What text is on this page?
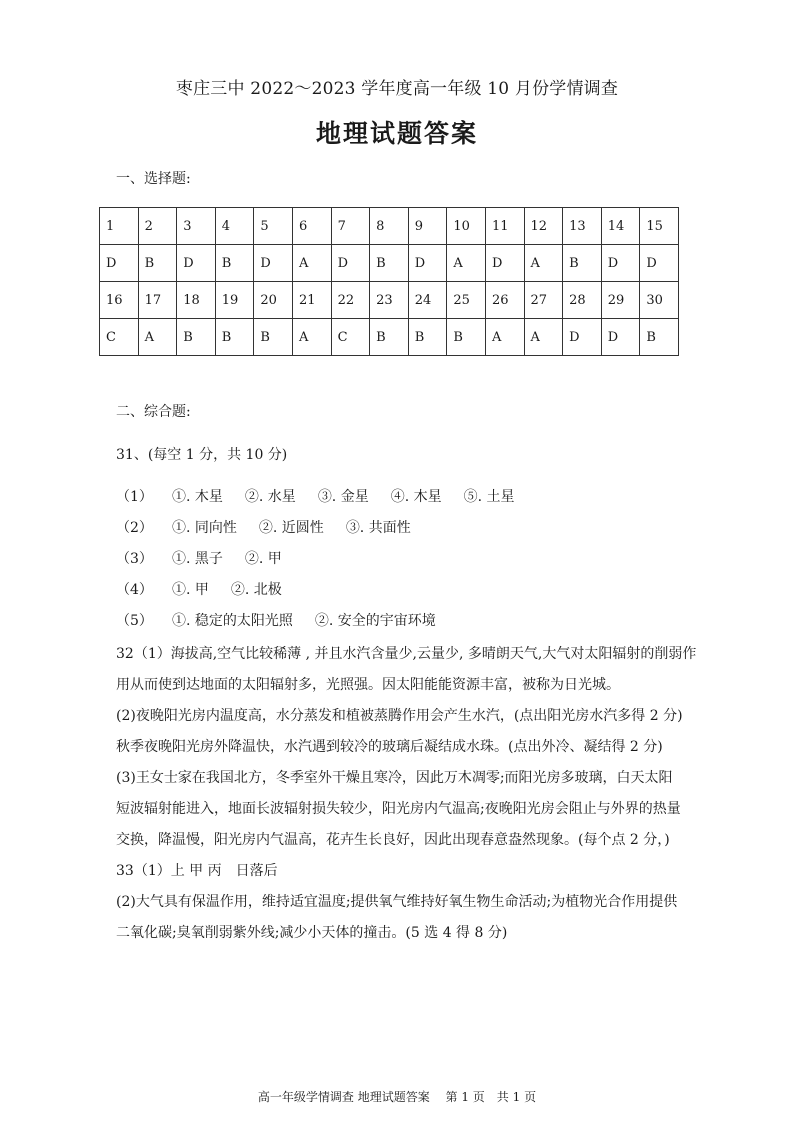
枣庄三中 2022～2023 学年度高一年级 10 月份学情调查
地理试题答案
一、选择题:
1	2	3	4	5	6	7	8	9	10	11	12	13	14	15
D	B	D	B	D	A	D	B	D	A	D	A	B	D	D
16	17	18	19	20	21	22	23	24	25	26	27	28	29	30
C	A	B	B	B	A	C	B	B	B	A	A	D	D	B
二、综合题:
31、(每空 1 分，共 10 分)
（1） ①. 木星 ②. 水星 ③. 金星 ④. 木星 ⑤. 土星
（2） ①. 同向性 ②. 近圆性 ③. 共面性
（3） ①. 黑子 ②. 甲
（4） ①. 甲 ②. 北极
（5） ①. 稳定的太阳光照 ②. 安全的宇宙环境
32（1）海拔高,空气比较稀薄 , 并且水汽含量少,云量少, 多晴朗天气,大气对太阳辐射的削弱作
用从而使到达地面的太阳辐射多，光照强。因太阳能能资源丰富，被称为日光城。
(2)夜晚阳光房内温度高，水分蒸发和植被蒸腾作用会产生水汽，(点出阳光房水汽多得 2 分)
秋季夜晚阳光房外降温快，水汽遇到较冷的玻璃后凝结成水珠。(点出外冷、凝结得 2 分)
(3)王女士家在我国北方，冬季室外干燥且寒冷，因此万木凋零;而阳光房多玻璃，白天太阳
短波辐射能进入，地面长波辐射损失较少，阳光房内气温高;夜晚阳光房会阻止与外界的热量
交换，降温慢，阳光房内气温高，花卉生长良好，因此出现春意盎然现象。(每个点 2 分，)
33（1）上 甲 丙　日落后
(2)大气具有保温作用，维持适宜温度;提供氧气维持好氧生物生命活动;为植物光合作用提供
二氧化碳;臭氧削弱紫外线;减少小天体的撞击。(5 选 4 得 8 分)
高一年级学情调查 地理试题答案　 第 1 页　共 1 页
